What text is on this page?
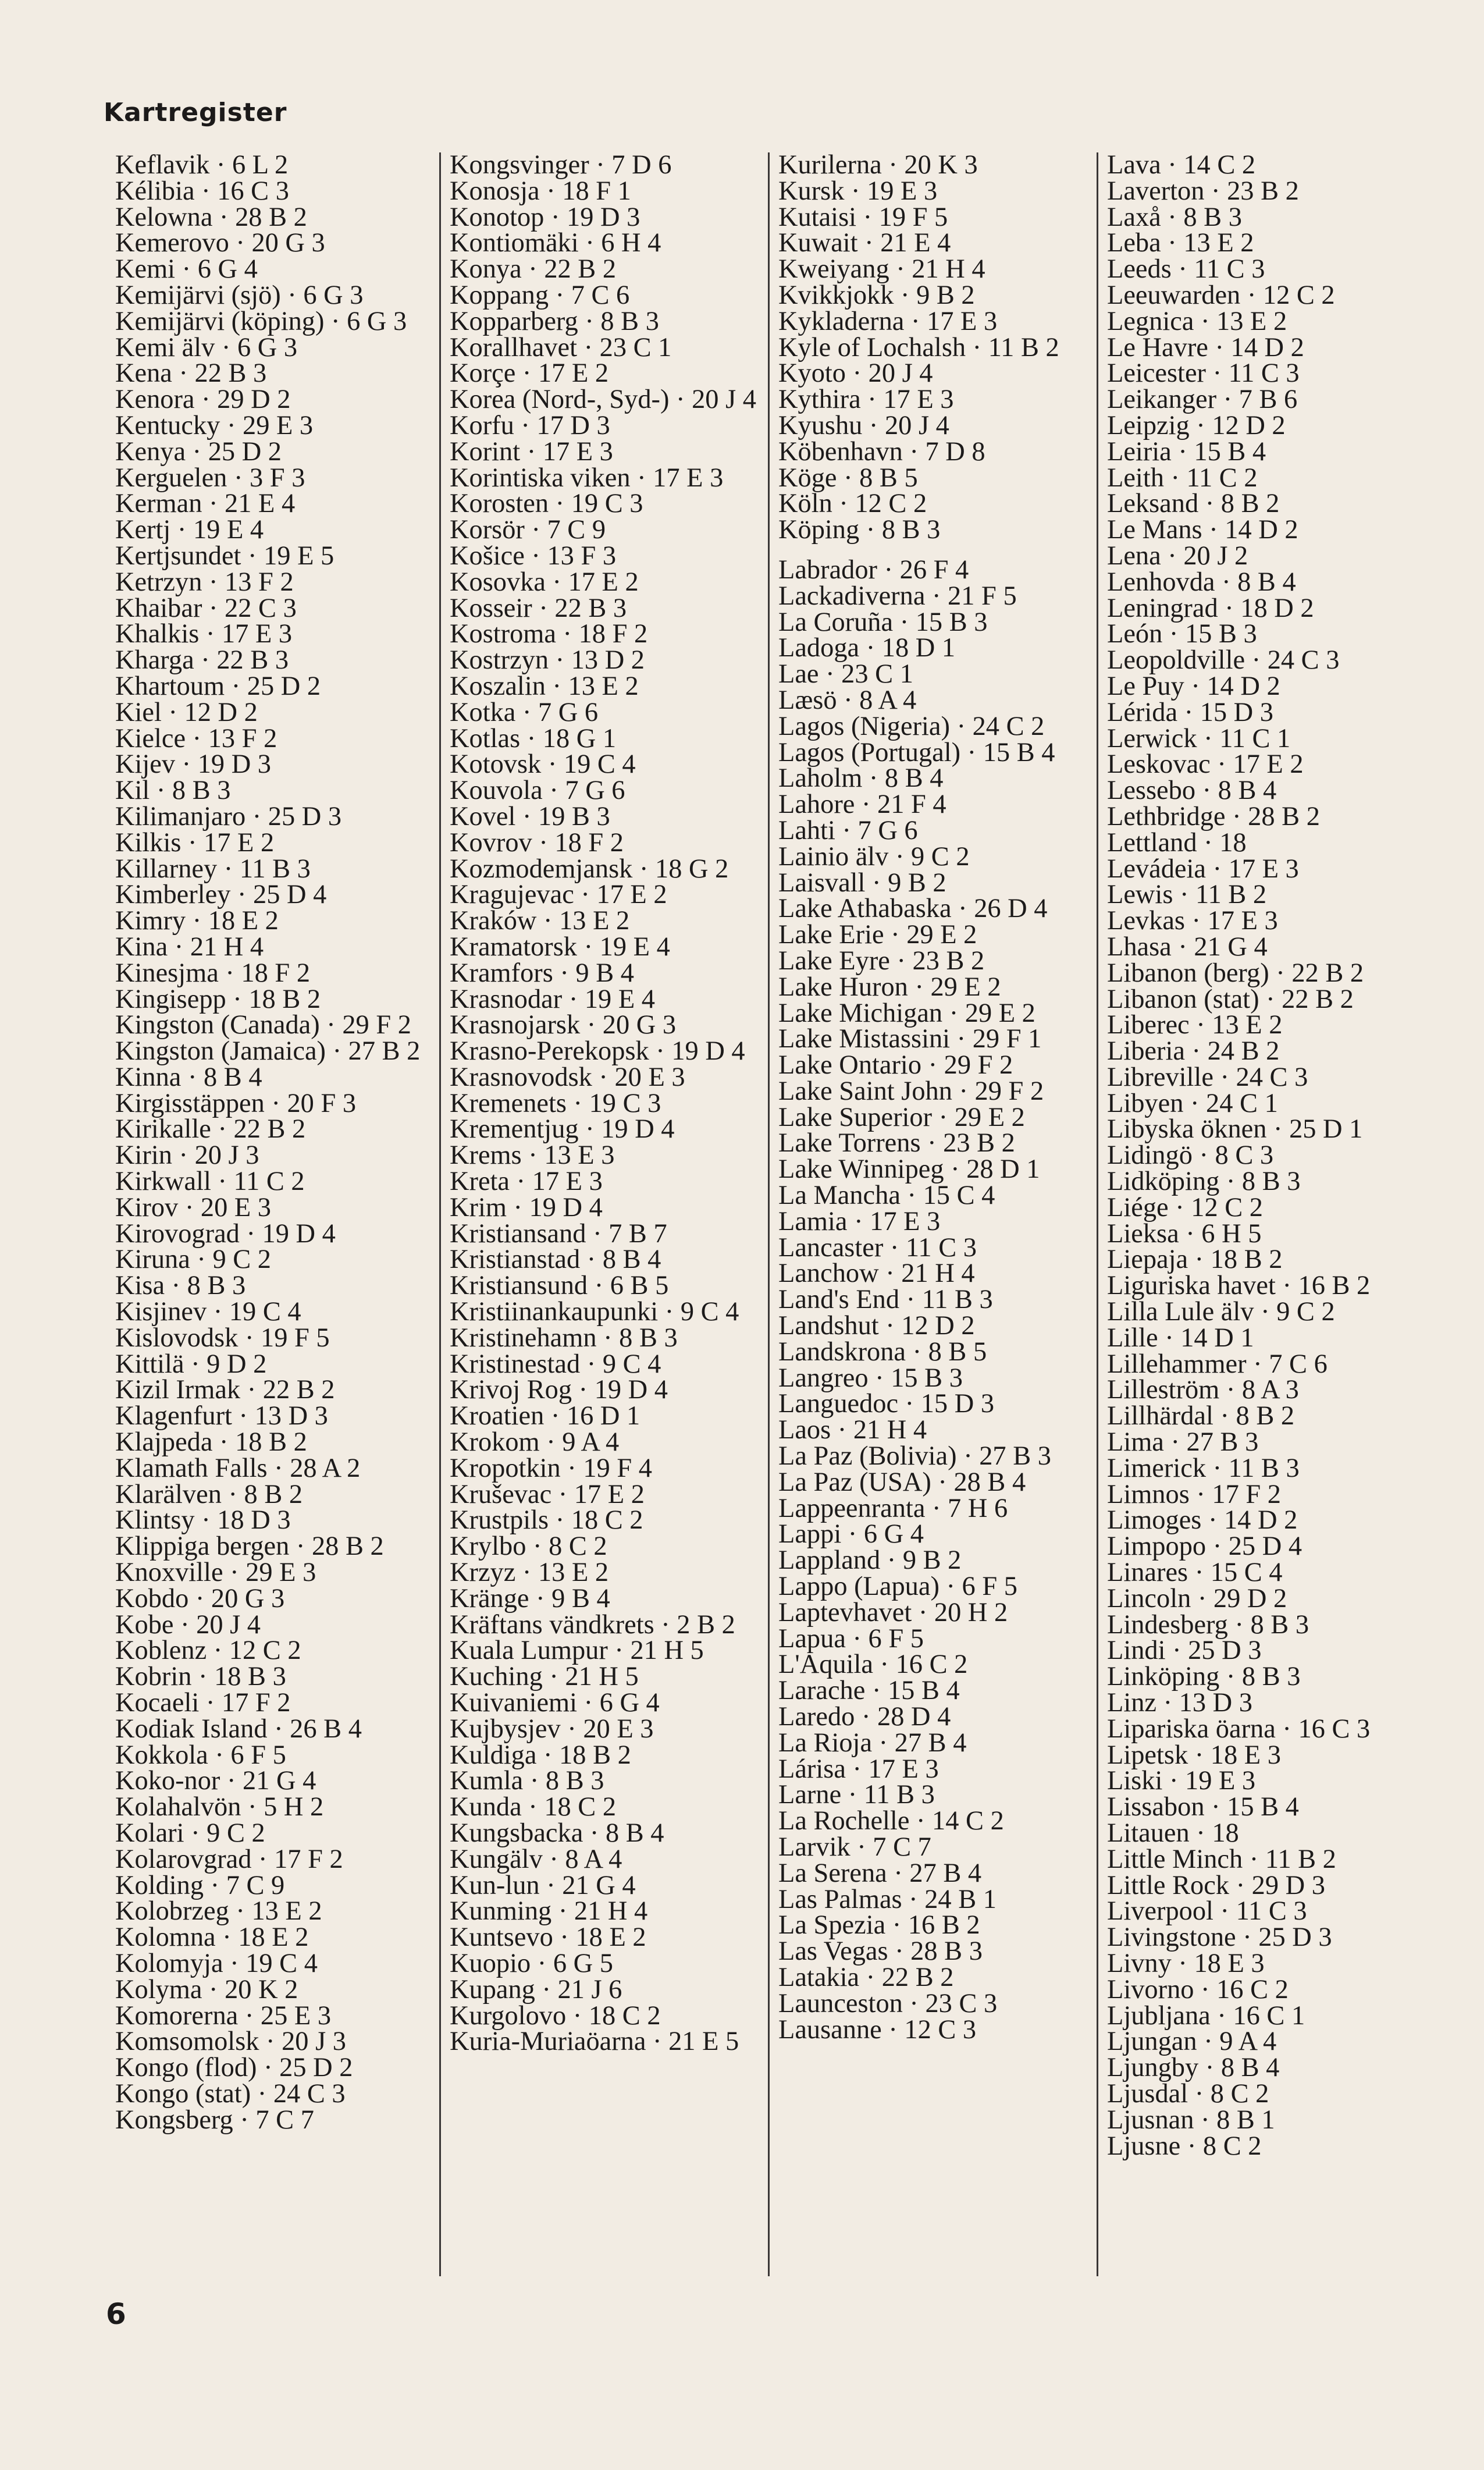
Kartregister
Keflavik · 6 L 2
Kélibia · 16 C 3
Kelowna · 28 B 2
Kemerovo · 20 G 3
Kemi · 6 G 4
Kemijärvi (sjö) · 6 G 3
Kemijärvi (köping) · 6 G 3
Kemi älv · 6 G 3
Kena · 22 B 3
Kenora · 29 D 2
Kentucky · 29 E 3
Kenya · 25 D 2
Kerguelen · 3 F 3
Kerman · 21 E 4
Kertj · 19 E 4
Kertjsundet · 19 E 5
Ketrzyn · 13 F 2
Khaibar · 22 C 3
Khalkis · 17 E 3
Kharga · 22 B 3
Khartoum · 25 D 2
Kiel · 12 D 2
Kielce · 13 F 2
Kijev · 19 D 3
Kil · 8 B 3
Kilimanjaro · 25 D 3
Kilkis · 17 E 2
Killarney · 11 B 3
Kimberley · 25 D 4
Kimry · 18 E 2
Kina · 21 H 4
Kinesjma · 18 F 2
Kingisepp · 18 B 2
Kingston (Canada) · 29 F 2
Kingston (Jamaica) · 27 B 2
Kinna · 8 B 4
Kirgisstäppen · 20 F 3
Kirikalle · 22 B 2
Kirin · 20 J 3
Kirkwall · 11 C 2
Kirov · 20 E 3
Kirovograd · 19 D 4
Kiruna · 9 C 2
Kisa · 8 B 3
Kisjinev · 19 C 4
Kislovodsk · 19 F 5
Kittilä · 9 D 2
Kizil Irmak · 22 B 2
Klagenfurt · 13 D 3
Klajpeda · 18 B 2
Klamath Falls · 28 A 2
Klarälven · 8 B 2
Klintsy · 18 D 3
Klippiga bergen · 28 B 2
Knoxville · 29 E 3
Kobdo · 20 G 3
Kobe · 20 J 4
Koblenz · 12 C 2
Kobrin · 18 B 3
Kocaeli · 17 F 2
Kodiak Island · 26 B 4
Kokkola · 6 F 5
Koko-nor · 21 G 4
Kolahalvön · 5 H 2
Kolari · 9 C 2
Kolarovgrad · 17 F 2
Kolding · 7 C 9
Kolobrzeg · 13 E 2
Kolomna · 18 E 2
Kolomyja · 19 C 4
Kolyma · 20 K 2
Komorerna · 25 E 3
Komsomolsk · 20 J 3
Kongo (flod) · 25 D 2
Kongo (stat) · 24 C 3
Kongsberg · 7 C 7
Kongsvinger · 7 D 6
Konosja · 18 F 1
Konotop · 19 D 3
Kontiomäki · 6 H 4
Konya · 22 B 2
Koppang · 7 C 6
Kopparberg · 8 B 3
Korallhavet · 23 C 1
Korçe · 17 E 2
Korea (Nord-, Syd-) · 20 J 4
Korfu · 17 D 3
Korint · 17 E 3
Korintiska viken · 17 E 3
Korosten · 19 C 3
Korsör · 7 C 9
Košice · 13 F 3
Kosovka · 17 E 2
Kosseir · 22 B 3
Kostroma · 18 F 2
Kostrzyn · 13 D 2
Koszalin · 13 E 2
Kotka · 7 G 6
Kotlas · 18 G 1
Kotovsk · 19 C 4
Kouvola · 7 G 6
Kovel · 19 B 3
Kovrov · 18 F 2
Kozmodemjansk · 18 G 2
Kragujevac · 17 E 2
Kraków · 13 E 2
Kramatorsk · 19 E 4
Kramfors · 9 B 4
Krasnodar · 19 E 4
Krasnojarsk · 20 G 3
Krasno-Perekopsk · 19 D 4
Krasnovodsk · 20 E 3
Kremenets · 19 C 3
Krementjug · 19 D 4
Krems · 13 E 3
Kreta · 17 E 3
Krim · 19 D 4
Kristiansand · 7 B 7
Kristianstad · 8 B 4
Kristiansund · 6 B 5
Kristiinankaupunki · 9 C 4
Kristinehamn · 8 B 3
Kristinestad · 9 C 4
Krivoj Rog · 19 D 4
Kroatien · 16 D 1
Krokom · 9 A 4
Kropotkin · 19 F 4
Kruševac · 17 E 2
Krustpils · 18 C 2
Krylbo · 8 C 2
Krzyz · 13 E 2
Kränge · 9 B 4
Kräftans vändkrets · 2 B 2
Kuala Lumpur · 21 H 5
Kuching · 21 H 5
Kuivaniemi · 6 G 4
Kujbysjev · 20 E 3
Kuldiga · 18 B 2
Kumla · 8 B 3
Kunda · 18 C 2
Kungsbacka · 8 B 4
Kungälv · 8 A 4
Kun-lun · 21 G 4
Kunming · 21 H 4
Kuntsevo · 18 E 2
Kuopio · 6 G 5
Kupang · 21 J 6
Kurgolovo · 18 C 2
Kuria-Muriaöarna · 21 E 5
Kurilerna · 20 K 3
Kursk · 19 E 3
Kutaisi · 19 F 5
Kuwait · 21 E 4
Kweiyang · 21 H 4
Kvikkjokk · 9 B 2
Kykladerna · 17 E 3
Kyle of Lochalsh · 11 B 2
Kyoto · 20 J 4
Kythira · 17 E 3
Kyushu · 20 J 4
Köbenhavn · 7 D 8
Köge · 8 B 5
Köln · 12 C 2
Köping · 8 B 3
Labrador · 26 F 4
Lackadiverna · 21 F 5
La Coruña · 15 B 3
Ladoga · 18 D 1
Lae · 23 C 1
Læsö · 8 A 4
Lagos (Nigeria) · 24 C 2
Lagos (Portugal) · 15 B 4
Laholm · 8 B 4
Lahore · 21 F 4
Lahti · 7 G 6
Lainio älv · 9 C 2
Laisvall · 9 B 2
Lake Athabaska · 26 D 4
Lake Erie · 29 E 2
Lake Eyre · 23 B 2
Lake Huron · 29 E 2
Lake Michigan · 29 E 2
Lake Mistassini · 29 F 1
Lake Ontario · 29 F 2
Lake Saint John · 29 F 2
Lake Superior · 29 E 2
Lake Torrens · 23 B 2
Lake Winnipeg · 28 D 1
La Mancha · 15 C 4
Lamia · 17 E 3
Lancaster · 11 C 3
Lanchow · 21 H 4
Land's End · 11 B 3
Landshut · 12 D 2
Landskrona · 8 B 5
Langreo · 15 B 3
Languedoc · 15 D 3
Laos · 21 H 4
La Paz (Bolivia) · 27 B 3
La Paz (USA) · 28 B 4
Lappeenranta · 7 H 6
Lappi · 6 G 4
Lappland · 9 B 2
Lappo (Lapua) · 6 F 5
Laptevhavet · 20 H 2
Lapua · 6 F 5
L'Aquila · 16 C 2
Larache · 15 B 4
Laredo · 28 D 4
La Rioja · 27 B 4
Lárisa · 17 E 3
Larne · 11 B 3
La Rochelle · 14 C 2
Larvik · 7 C 7
La Serena · 27 B 4
Las Palmas · 24 B 1
La Spezia · 16 B 2
Las Vegas · 28 B 3
Latakia · 22 B 2
Launceston · 23 C 3
Lausanne · 12 C 3
Lava · 14 C 2
Laverton · 23 B 2
Laxå · 8 B 3
Leba · 13 E 2
Leeds · 11 C 3
Leeuwarden · 12 C 2
Legnica · 13 E 2
Le Havre · 14 D 2
Leicester · 11 C 3
Leikanger · 7 B 6
Leipzig · 12 D 2
Leiria · 15 B 4
Leith · 11 C 2
Leksand · 8 B 2
Le Mans · 14 D 2
Lena · 20 J 2
Lenhovda · 8 B 4
Leningrad · 18 D 2
León · 15 B 3
Leopoldville · 24 C 3
Le Puy · 14 D 2
Lérida · 15 D 3
Lerwick · 11 C 1
Leskovac · 17 E 2
Lessebo · 8 B 4
Lethbridge · 28 B 2
Lettland · 18
Levádeia · 17 E 3
Lewis · 11 B 2
Levkas · 17 E 3
Lhasa · 21 G 4
Libanon (berg) · 22 B 2
Libanon (stat) · 22 B 2
Liberec · 13 E 2
Liberia · 24 B 2
Libreville · 24 C 3
Libyen · 24 C 1
Libyska öknen · 25 D 1
Lidingö · 8 C 3
Lidköping · 8 B 3
Liége · 12 C 2
Lieksa · 6 H 5
Liepaja · 18 B 2
Liguriska havet · 16 B 2
Lilla Lule älv · 9 C 2
Lille · 14 D 1
Lillehammer · 7 C 6
Lilleström · 8 A 3
Lillhärdal · 8 B 2
Lima · 27 B 3
Limerick · 11 B 3
Limnos · 17 F 2
Limoges · 14 D 2
Limpopo · 25 D 4
Linares · 15 C 4
Lincoln · 29 D 2
Lindesberg · 8 B 3
Lindi · 25 D 3
Linköping · 8 B 3
Linz · 13 D 3
Lipariska öarna · 16 C 3
Lipetsk · 18 E 3
Liski · 19 E 3
Lissabon · 15 B 4
Litauen · 18
Little Minch · 11 B 2
Little Rock · 29 D 3
Liverpool · 11 C 3
Livingstone · 25 D 3
Livny · 18 E 3
Livorno · 16 C 2
Ljubljana · 16 C 1
Ljungan · 9 A 4
Ljungby · 8 B 4
Ljusdal · 8 C 2
Ljusnan · 8 B 1
Ljusne · 8 C 2
6
